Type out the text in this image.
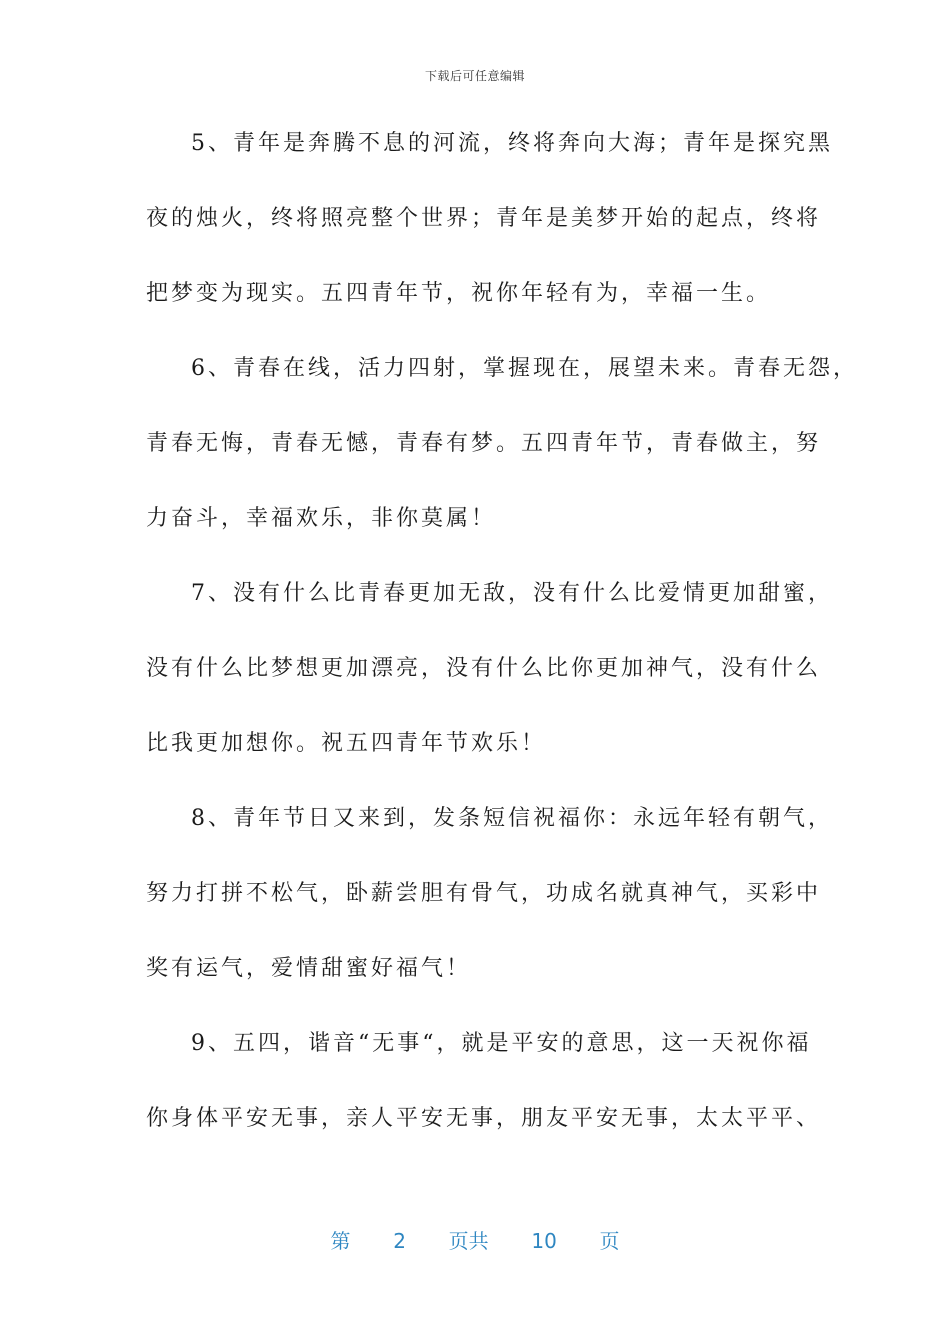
下载后可任意编辑
5、青年是奔腾不息的河流，终将奔向大海；青年是探究黑
夜的烛火，终将照亮整个世界；青年是美梦开始的起点，终将
把梦变为现实。五四青年节，祝你年轻有为，幸福一生。
6、青春在线，活力四射，掌握现在，展望未来。青春无怨，
青春无悔，青春无憾，青春有梦。五四青年节，青春做主，努
力奋斗，幸福欢乐，非你莫属！
7、没有什么比青春更加无敌，没有什么比爱情更加甜蜜，
没有什么比梦想更加漂亮，没有什么比你更加神气，没有什么
比我更加想你。祝五四青年节欢乐！
8、青年节日又来到，发条短信祝福你：永远年轻有朝气，
努力打拼不松气，卧薪尝胆有骨气，功成名就真神气，买彩中
奖有运气，爱情甜蜜好福气！
9、五四，谐音“无事“，就是平安的意思，这一天祝你福
你身体平安无事，亲人平安无事，朋友平安无事，太太平平、
第 2 页共 10 页
